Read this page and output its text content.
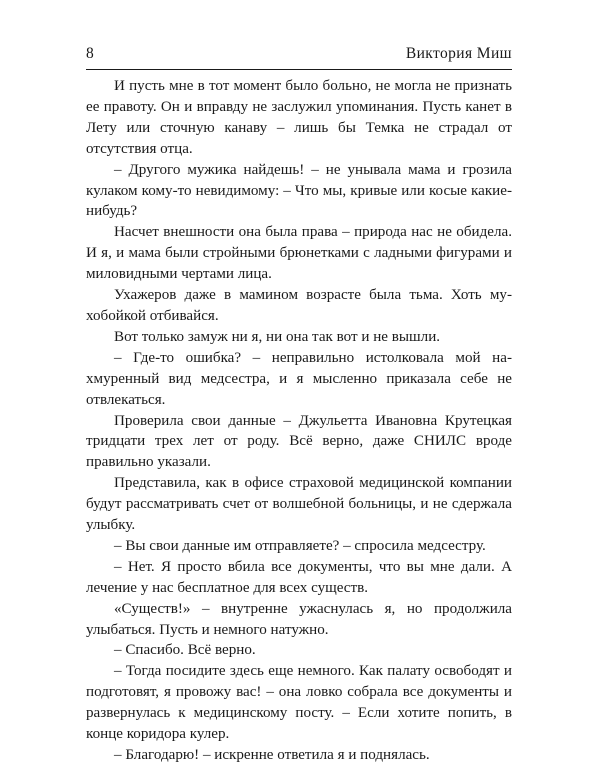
8	Виктория Миш

И пусть мне в тот момент было больно, не могла не признать ее правоту. Он и вправду не заслужил упоминания. Пусть канет в Лету или сточную канаву – лишь бы Темка не страдал от отсутствия отца.

– Другого мужика найдешь! – не унывала мама и грозила кулаком кому-то невидимому: – Что мы, кривые или косые какие-нибудь?

Насчет внешности она была права – природа нас не обидела. И я, и мама были стройными брюнетками с ладными фигурами и миловидными чертами лица.

Ухажеров даже в мамином возрасте была тьма. Хоть мухобойкой отбивайся.

Вот только замуж ни я, ни она так вот и не вышли.

– Где-то ошибка? – неправильно истолковала мой нахмуренный вид медсестра, и я мысленно приказала себе не отвлекаться.

Проверила свои данные – Джульетта Ивановна Крутецкая тридцати трех лет от роду. Всё верно, даже СНИЛС вроде правильно указали.

Представила, как в офисе страховой медицинской компании будут рассматривать счет от волшебной больницы, и не сдержала улыбку.

– Вы свои данные им отправляете? – спросила медсестру.

– Нет. Я просто вбила все документы, что вы мне дали. А лечение у нас бесплатное для всех существ.

«Существ!» – внутренне ужаснулась я, но продолжила улыбаться. Пусть и немного натужно.

– Спасибо. Всё верно.

– Тогда посидите здесь еще немного. Как палату освободят и подготовят, я провожу вас! – она ловко собрала все документы и развернулась к медицинскому посту. – Если хотите попить, в конце коридора кулер.

– Благодарю! – искренне ответила я и поднялась.
